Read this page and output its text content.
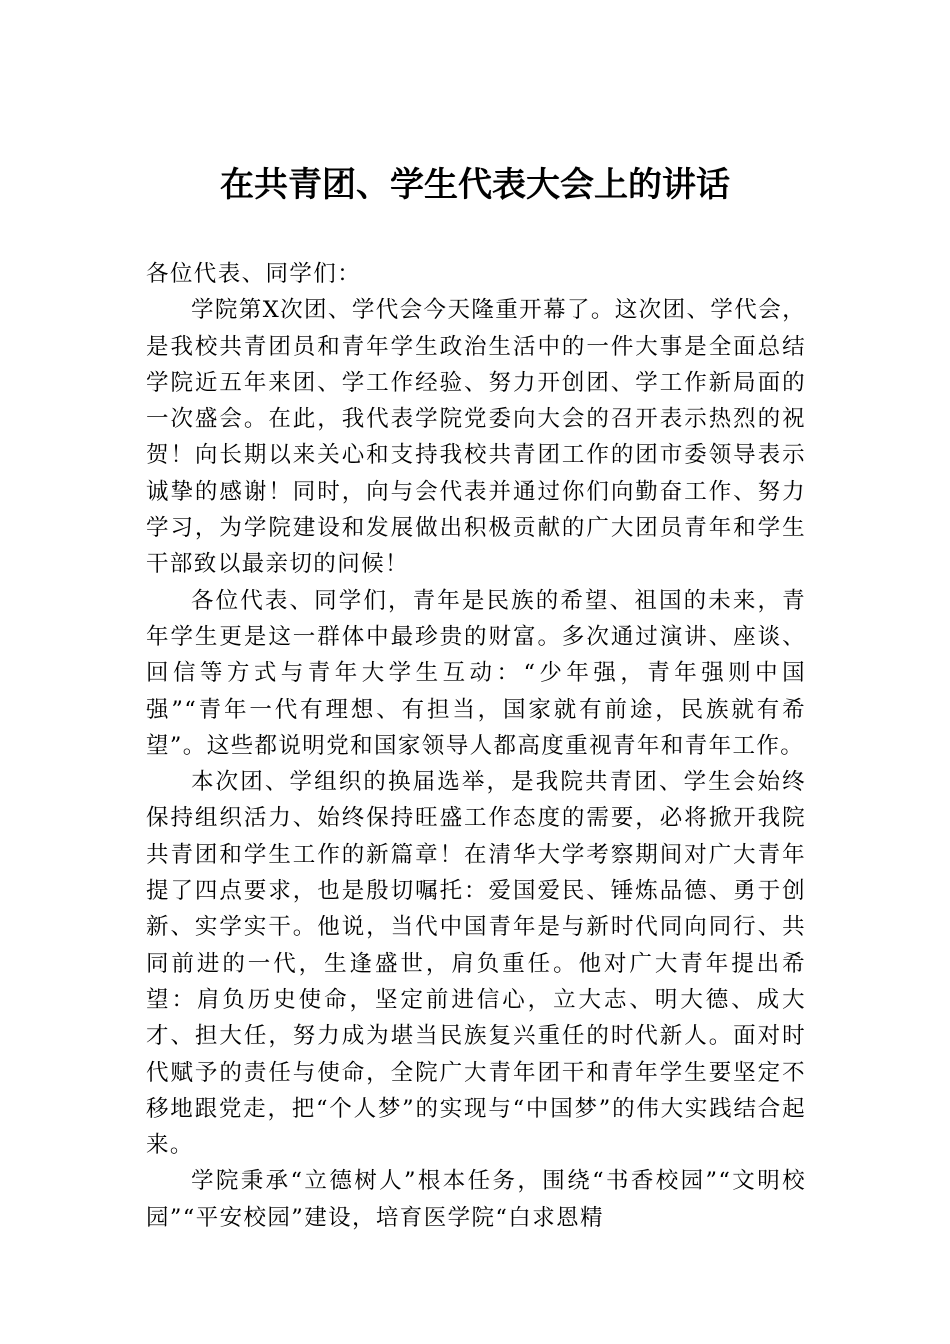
在共青团、学生代表大会上的讲话

各位代表、同学们：

学院第X次团、学代会今天隆重开幕了。这次团、学代会，是我校共青团员和青年学生政治生活中的一件大事是全面总结学院近五年来团、学工作经验、努力开创团、学工作新局面的一次盛会。在此，我代表学院党委向大会的召开表示热烈的祝贺！向长期以来关心和支持我校共青团工作的团市委领导表示诚挚的感谢！同时，向与会代表并通过你们向勤奋工作、努力学习，为学院建设和发展做出积极贡献的广大团员青年和学生干部致以最亲切的问候！

各位代表、同学们，青年是民族的希望、祖国的未来，青年学生更是这一群体中最珍贵的财富。多次通过演讲、座谈、回信等方式与青年大学生互动：“少年强，青年强则中国强”“青年一代有理想、有担当，国家就有前途，民族就有希望”。这些都说明党和国家领导人都高度重视青年和青年工作。

本次团、学组织的换届选举，是我院共青团、学生会始终保持组织活力、始终保持旺盛工作态度的需要，必将掀开我院共青团和学生工作的新篇章！在清华大学考察期间对广大青年提了四点要求，也是殷切嘱托：爱国爱民、锤炼品德、勇于创新、实学实干。他说，当代中国青年是与新时代同向同行、共同前进的一代，生逢盛世，肩负重任。他对广大青年提出希望：肩负历史使命，坚定前进信心，立大志、明大德、成大才、担大任，努力成为堪当民族复兴重任的时代新人。面对时代赋予的责任与使命，全院广大青年团干和青年学生要坚定不移地跟党走，把“个人梦”的实现与“中国梦”的伟大实践结合起来。

学院秉承“立德树人”根本任务，围绕“书香校园”“文明校园”“平安校园”建设，培育医学院“白求恩精
